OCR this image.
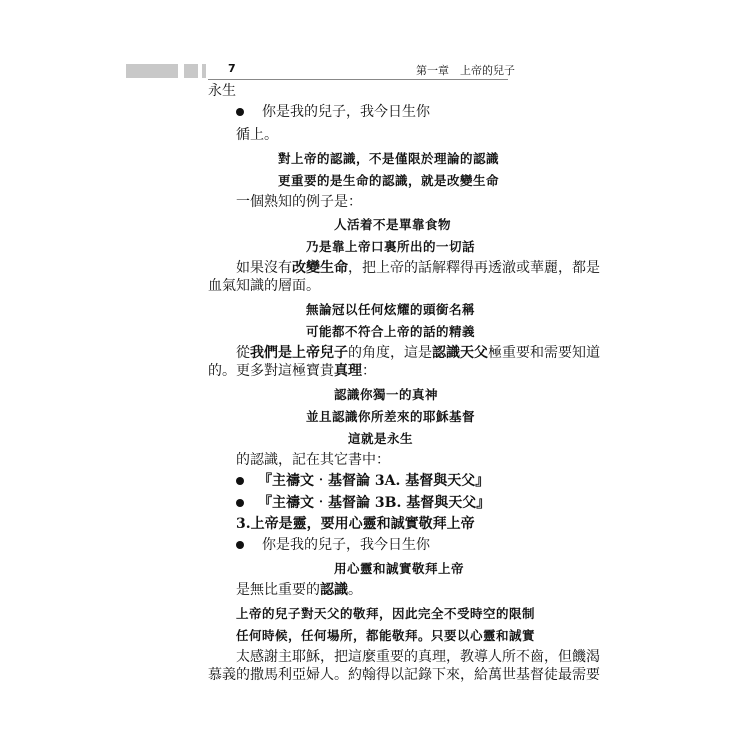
7	第一章　上帝的兒子
永生
你是我的兒子，我今日生你
循上。
對上帝的認識，不是僅限於理論的認識
更重要的是生命的認識，就是改變生命
一個熟知的例子是：
人活着不是單靠食物
乃是靠上帝口裏所出的一切話
如果沒有改變生命，把上帝的話解釋得再透澈或華麗，都是
血氣知識的層面。
無論冠以任何炫耀的頭銜名稱
可能都不符合上帝的話的精義
從我們是上帝兒子的角度，這是認識天父極重要和需要知道
的。更多對這極寶貴真理：
認識你獨一的真神
並且認識你所差來的耶穌基督
這就是永生
的認識，記在其它書中：
『主禱文‧基督論 3A. 基督與天父』
『主禱文‧基督論 3B. 基督與天父』
3.上帝是靈，要用心靈和誠實敬拜上帝
你是我的兒子，我今日生你
用心靈和誠實敬拜上帝
是無比重要的認識。
上帝的兒子對天父的敬拜，因此完全不受時空的限制
任何時候，任何場所，都能敬拜。只要以心靈和誠實
太感謝主耶穌，把這麼重要的真理，教導人所不齒，但饑渴
慕義的撒馬利亞婦人。約翰得以記錄下來，給萬世基督徒最需要
